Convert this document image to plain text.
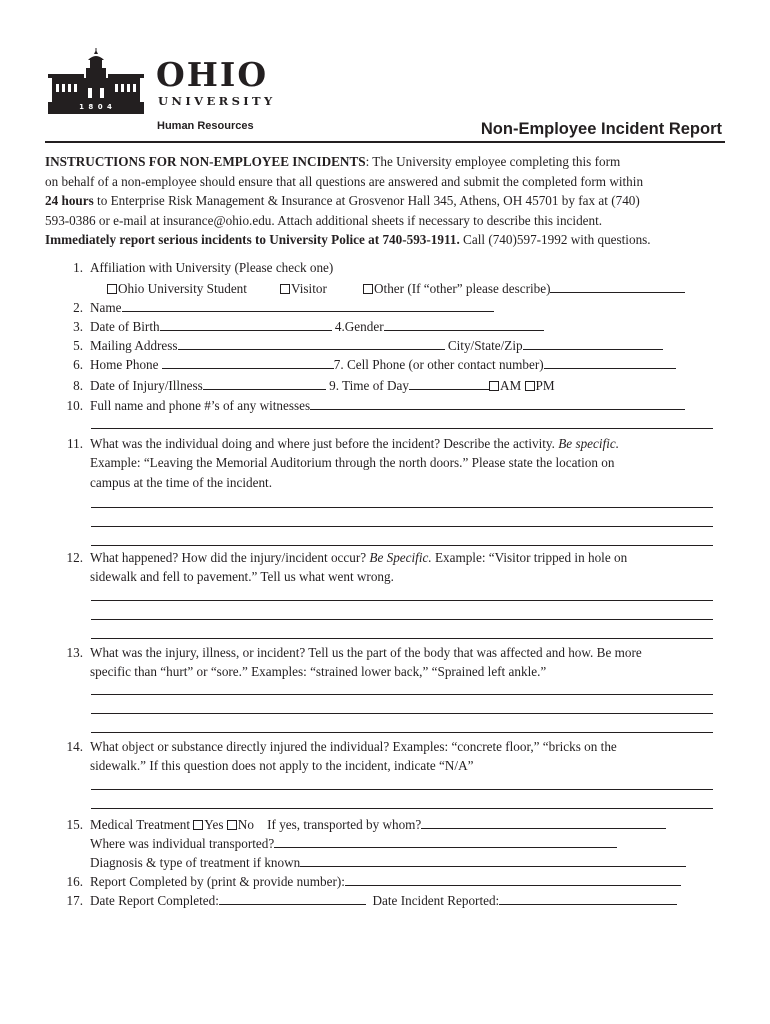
1 8 0 4
OHIO
UNIVERSITY
Human Resources	Non-Employee Incident Report
INSTRUCTIONS FOR NON-EMPLOYEE INCIDENTS: The University employee completing this form
on behalf of a non-employee should ensure that all questions are answered and submit the completed form within
24 hours to Enterprise Risk Management & Insurance at Grosvenor Hall 345, Athens, OH 45701 by fax at (740)
593-0386 or e-mail at insurance@ohio.edu. Attach additional sheets if necessary to describe this incident.
Immediately report serious incidents to University Police at 740-593-1911. Call (740)597-1992 with questions.
1. Affiliation with University (Please check one)
Ohio University Student	Visitor	Other (If “other” please describe)
2. Name
3. Date of Birth	4.Gender
5. Mailing Address	City/State/Zip
6. Home Phone	7. Cell Phone (or other contact number)
8. Date of Injury/Illness	9. Time of Day	AM PM
10. Full name and phone #’s of any witnesses
11. What was the individual doing and where just before the incident? Describe the activity. Be specific.
Example: “Leaving the Memorial Auditorium through the north doors.” Please state the location on
campus at the time of the incident.
12. What happened? How did the injury/incident occur? Be Specific. Example: “Visitor tripped in hole on
sidewalk and fell to pavement.” Tell us what went wrong.
13. What was the injury, illness, or incident? Tell us the part of the body that was affected and how. Be more
specific than “hurt” or “sore.” Examples: “strained lower back,” “Sprained left ankle.”
14. What object or substance directly injured the individual? Examples: “concrete floor,” “bricks on the
sidewalk.” If this question does not apply to the incident, indicate “N/A”
15. Medical Treatment Yes No If yes, transported by whom?
Where was individual transported?
Diagnosis & type of treatment if known
16. Report Completed by (print & provide number):
17. Date Report Completed:	Date Incident Reported:
